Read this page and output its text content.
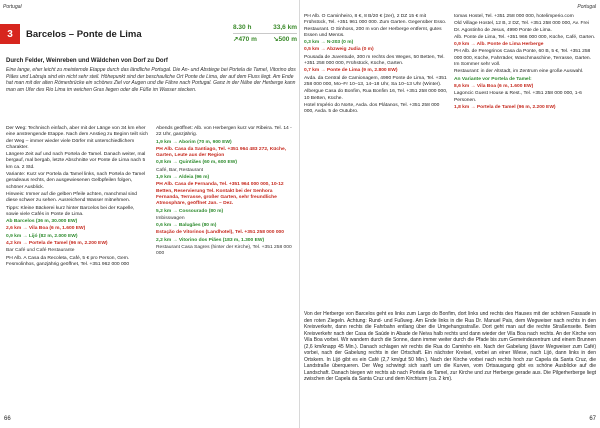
Portugal
3	Barcelos – Ponte de Lima
8.30 h	33,6 km
↗470 m ↘500 m
Durch Felder, Weinreben und Wäldchen von Dorf zu Dorf
Eine lange, eher leicht zu meisternde Etappe durch das ländliche Portugal. Die An- und Abstiege bei Portela de Tamel, Vitorino dos Piães und Labruja sind ein nicht sehr steil. Höhepunkt sind der beschauliche Ort Ponte de Lima, der auf dem Fluss liegt. Am Ende hat man mit der alten Römerbrücke ein schönes Ziel vor Augen und die Fähre nach Portugal. Ganz in der Nähe der Herberge kann man am Ufer des Rio Lima im weichen Gras liegen oder die Füße im Wasser stecken.

Der Weg: Technisch einfach, aber mit der Länge von 34 km eher eine anstrengende Etappe. Nach dem Anstieg zu Beginn teilt sich der Weg – immer wieder viele Dörfer mit unterschiedlichem Charakter.

Längere Zeit auf und nach Portela de Tamel. Danach weiter, mal bergauf, mal bergab, letzte Abschnitte vor Ponte de Lima nach 5 km ca. 2 Std.

Variante: Kurz vor Portela da Tamel links, nach Portela de Tamel geradeaus rechts, den ausgewiesenen Gelbpfeilen folgen, schöner Ausblick.

Hinweis: Immer auf die gelben Pfeile achten, manchmal sind diese schwer zu sehen. Ausreichend Wasser mitnehmen.

Tipps: Kleine Bäckerei kurz hinter Barcelos bei der Kapelle, sowie viele Cafés in Ponte de Lima.

Ab Barcelos (36 m, 30.000 EW)

2,6 km → Vila Boa (6 m, 1.600 EW)

0,9 km → Lijó (82 m, 2.000 EW)

4,2 km → Portela de Tamel (96 m, 2.200 EW)

Bar Café und Café Restaurante

PH Alb. A Casa da Recoleta, Café, 5 € pro Person, Gem. Fesmolinhos, ganzjährig geöffnet, Tel. +351 962 000 000

Abends geöffnet: Alb. von Herbergen kurz vor Ribeira. Tel. 14 - 22 Uhr, ganzjährig.

1,9 km → Aborim (70 m, 900 EW)

PH Alb. Casa da Santiago, Tel. +351 964 483 272, Küche, Garten, Leute aus der Region

0,8 km → Quintiães (60 m, 600 EW)

Café, Bar, Restaurant

1,9 km → Aldeia (96 m)

PH Alb. Casa de Fernanda, Tel. +351 964 000 000, 10-12 Betten, Reservierung Tel. Kontakt bei der Senhora Fernanda, Terrasse, großer Garten, sehr freundliche Atmosphäre, geöffnet Jan. – Dez.

5,2 km → Cossourado (80 m)

Imbisswagen

0,6 km → Balugães (80 m)

Estação de Vitorinos (Landhotel), Tel. +351 258 000 000

2,2 km → Vitorino dos Piães (183 m, 1.300 EW)

Restaurant Casa Sagres (hinter der Kirche), Tel. +351 258 000 000

66
Portugal

PH Alb. O Caminheiro, 8 €, 8 B/20 € (2er), 2 DZ 15 € mit Frühstück, Tel. +351 961 000 000. Zum Garten. Gegenüber Esso. Restaurant. O Sinhoss, 200 m von der Herberge entfernt, gutes Essen und Menüs.

0,3 km → N-203 (0 m)

0,5 km → Abzweig Judia (0 m)

Pousada de Juventude, 300 m rechts des Weges, 50 Betten, Tel. +351 258 000 000, Frühstück, Küche, Garten.

0,7 km → Ponte de Lima (9 m, 2.800 EW)

Avda. da Central de Camionagem, 4990 Ponte de Lima, Tel. +351 258 000 000, Mo–Fr 10–13, 14–18 Uhr, Sa 10–13 Uhr (Winter).

Albergue Casa do Bonfim, Rua Bonfim 16, Tel. +351 258 000 000, 10 Betten, Küche.

Hotel Império do Norte, Avda. dos Plátanos, Tel. +351 258 000 000, Avda. 5 de Outubro.

tomas Hostel, Tel. +351 258 000 000, hotelimperio.com

Old Village Hostel, 12 B, 2 DZ, Tel. +351 258 000 000, Av. Frei Dr. Agostinho de Jesus, 4990 Ponte de Lima.

Alb. Ponte de Lima, Tel. +351 966 000 000, Küche, Café, Garten.

0,9 km → Alb. Ponte de Lima Herberge

PH Alb. de Peregrinos Casa da Ponte, 60 B, 5 €, Tel. +351 258 000 000, Küche, Fahrräder, Waschmaschine, Terrasse, Garten. Im Sommer sehr voll.

Restaurant: in der Altstadt, im Zentrum eine große Auswahl.

An Variante vor Portela de Tamel:

8,6 km → Vila Boa (6 m, 1.600 EW)

Lagoncic Guest House & Rest., Tel. +351 258 000 000, 1-6 Personen.

1,8 km → Portela de Tamel (96 m, 2.200 EW)

Von der Herberge von Barcelos geht es links zum Largo do Bonfim, dort links und rechts des Hauses mit der schönen Fassade in den roten Ziegeln. Achtung: Rund- und Fußweg. Am Ende links in die Rua Dr. Manuel Pais, dem Wegweiser nach rechts in den Kreisverkehr, dann rechts die Fahrbahn entlang über die Umgehungsstraße. Dort geht man auf die rechte Straßenseite. Beim Kreisverkehr nach der Casa de Saúde in Abade de Neiva halb rechts und dann wieder der Vila Boa nach rechts. An der Kirche von Vila Boa vorbei. Wir wandern durch die Sonne, dann immer weiter durch die Pfade bis zum Gemeindezentrum und einem Brunnen (2,6 km/knapp 45 Min.). Danach schlagen wir rechts die Rua do Caminho ein. Nach der Gabelung (davor Wegweiser zum Café) vorbei, nach der Gabelung rechts in der Ortschaft. Ein nächster Kreisel, vorbei an einer Wiese, nach Lijó, dann links in den Ortskern. In Lijó gibt es ein Café (2,7 km/gut 50 Min.). Nach der Kirche vorbei nach rechts hoch zur Capela da Santa Cruz, die Landstraße überqueren. Der Weg schwingt sich sanft um die Kurven, vom Ortsausgang gibt es schöne Ausblicke auf die Landschaft. Danach biegen wir rechts ab nach Portela de Tamel, zur Kirche und zur Herberge gerade aus. Die Pilgerherberge liegt zwischen der Capela da Santa Cruz und dem Kirchturm (ca. 2 km).
67
